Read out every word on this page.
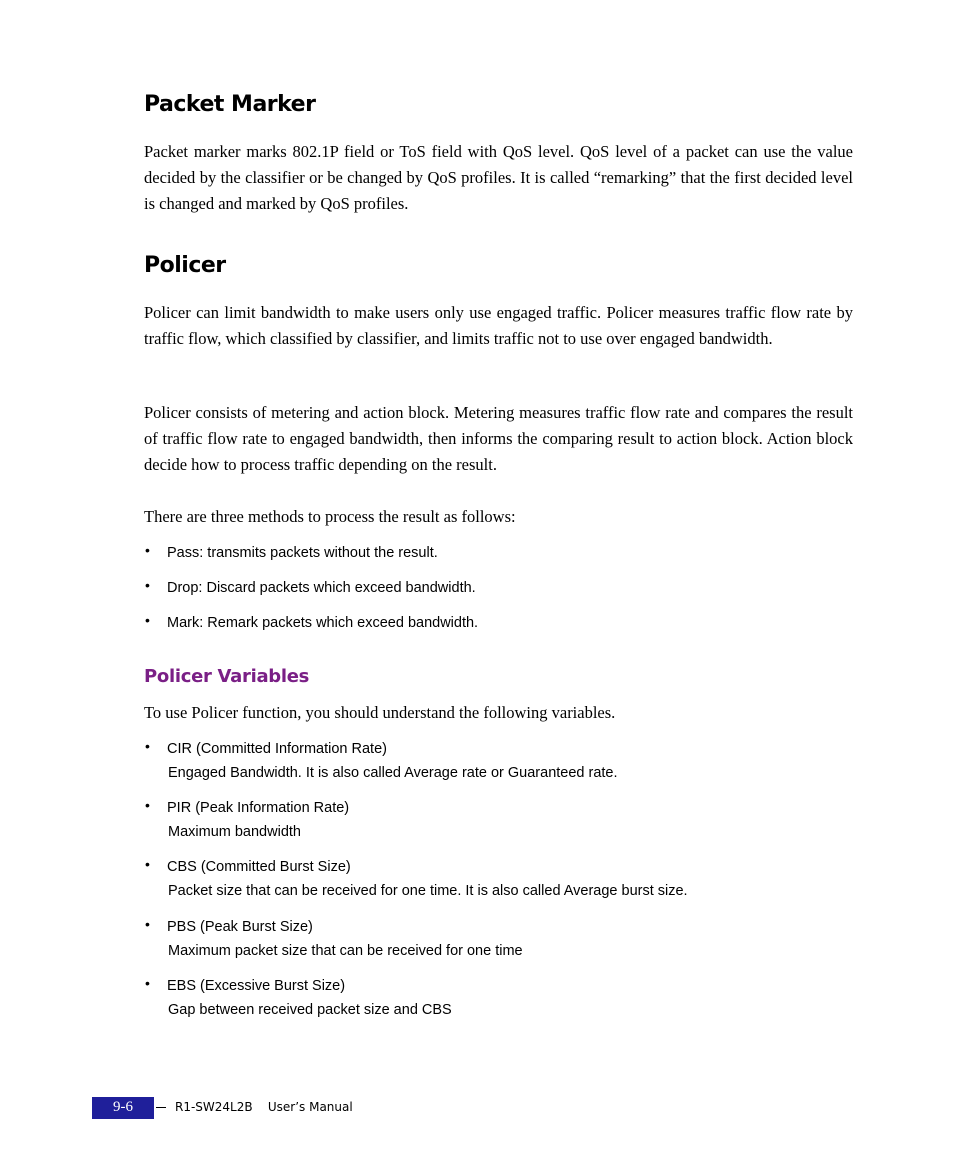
Packet Marker
Packet marker marks 802.1P field or ToS field with QoS level. QoS level of a packet can use the value decided by the classifier or be changed by QoS profiles. It is called “remarking” that the first decided level is changed and marked by QoS profiles.
Policer
Policer can limit bandwidth to make users only use engaged traffic. Policer measures traffic flow rate by traffic flow, which classified by classifier, and limits traffic not to use over engaged bandwidth.
Policer consists of metering and action block. Metering measures traffic flow rate and compares the result of traffic flow rate to engaged bandwidth, then informs the comparing result to action block. Action block decide how to process traffic depending on the result.
There are three methods to process the result as follows:
• Pass: transmits packets without the result.
• Drop: Discard packets which exceed bandwidth.
• Mark: Remark packets which exceed bandwidth.
Policer Variables
To use Policer function, you should understand the following variables.
• CIR (Committed Information Rate)
Engaged Bandwidth. It is also called Average rate or Guaranteed rate.
• PIR (Peak Information Rate)
Maximum bandwidth
• CBS (Committed Burst Size)
Packet size that can be received for one time. It is also called Average burst size.
• PBS (Peak Burst Size)
Maximum packet size that can be received for one time
• EBS (Excessive Burst Size)
Gap between received packet size and CBS
9-6	R1-SW24L2B    User’s Manual
